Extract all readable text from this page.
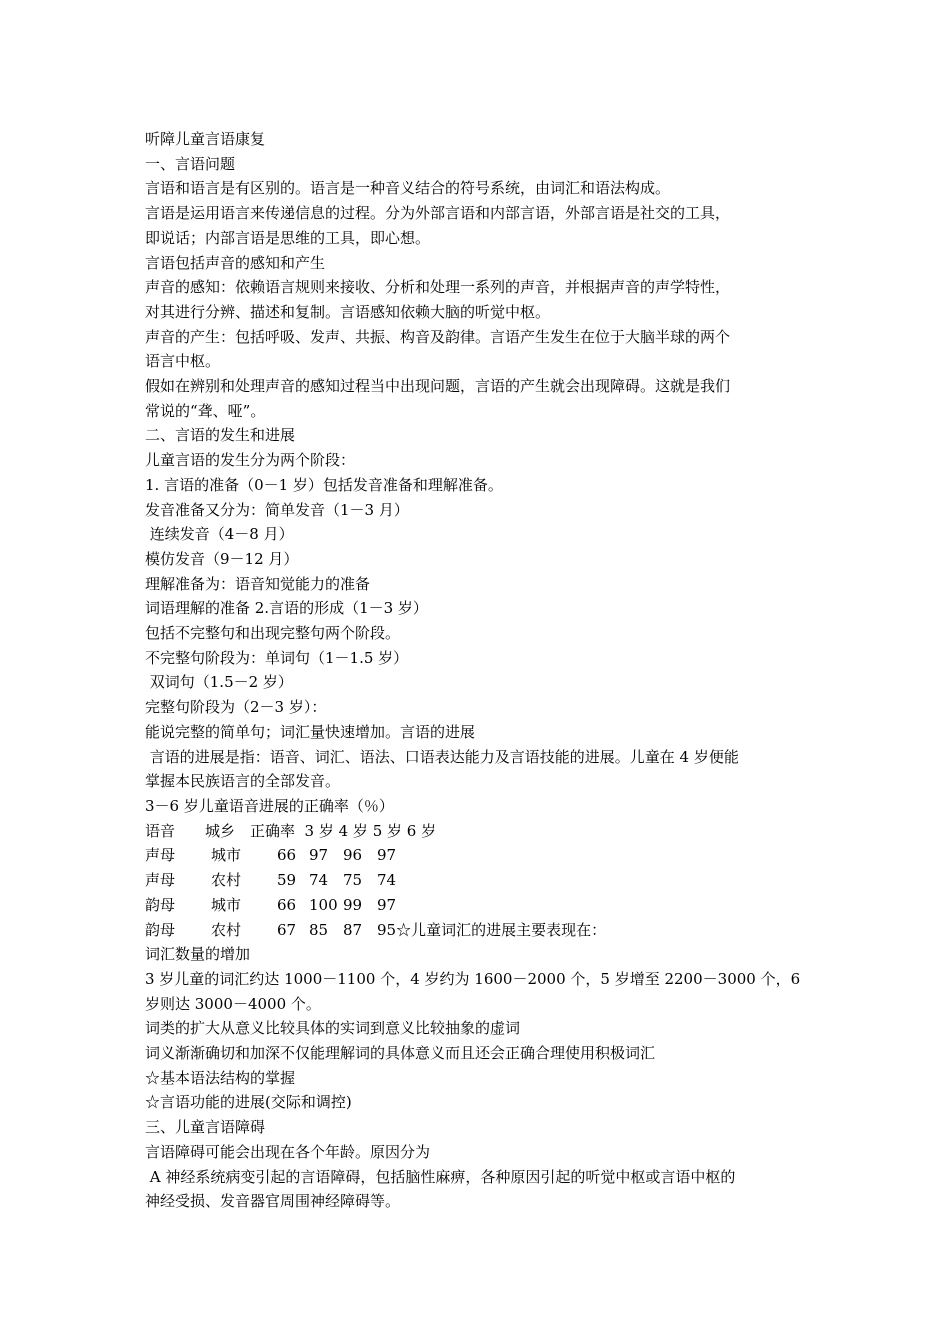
听障儿童言语康复
一、言语问题
言语和语言是有区别的。语言是一种音义结合的符号系统，由词汇和语法构成。
言语是运用语言来传递信息的过程。分为外部言语和内部言语，外部言语是社交的工具，
即说话；内部言语是思维的工具，即心想。
言语包括声音的感知和产生
声音的感知：依赖语言规则来接收、分析和处理一系列的声音，并根据声音的声学特性，
对其进行分辨、描述和复制。言语感知依赖大脑的听觉中枢。
声音的产生：包括呼吸、发声、共振、构音及韵律。言语产生发生在位于大脑半球的两个
语言中枢。
假如在辨别和处理声音的感知过程当中出现问题，言语的产生就会出现障碍。这就是我们
常说的“聋、哑”。
二、言语的发生和进展
儿童言语的发生分为两个阶段：
1. 言语的准备（0－1 岁）包括发音准备和理解准备。
发音准备又分为：简单发音（1－3 月）
连续发音（4－8 月）
模仿发音（9－12 月）
理解准备为：语音知觉能力的准备
词语理解的准备 2.言语的形成（1－3 岁）
包括不完整句和出现完整句两个阶段。
不完整句阶段为：单词句（1－1.5 岁）
双词句（1.5－2 岁）
完整句阶段为（2－3 岁）：
能说完整的简单句；词汇量快速增加。言语的进展
言语的进展是指：语音、词汇、语法、口语表达能力及言语技能的进展。儿童在 4 岁便能
掌握本民族语言的全部发音。
3－6 岁儿童语音进展的正确率（％）
语音　　城乡　正确率  3 岁 4 岁 5 岁 6 岁
声母 城市 66 97 96 97
声母 农村 59 74 75 74
韵母 城市 66 100 99 97
韵母 农村 67 85 87 95☆儿童词汇的进展主要表现在：
词汇数量的增加
3 岁儿童的词汇约达 1000－1100 个，4 岁约为 1600－2000 个，5 岁增至 2200－3000 个，6
岁则达 3000－4000 个。
词类的扩大从意义比较具体的实词到意义比较抽象的虚词
词义渐渐确切和加深不仅能理解词的具体意义而且还会正确合理使用积极词汇
☆基本语法结构的掌握
☆言语功能的进展(交际和调控)
三、儿童言语障碍
言语障碍可能会出现在各个年龄。原因分为
A 神经系统病变引起的言语障碍，包括脑性麻痹，各种原因引起的听觉中枢或言语中枢的
神经受损、发音器官周围神经障碍等。
